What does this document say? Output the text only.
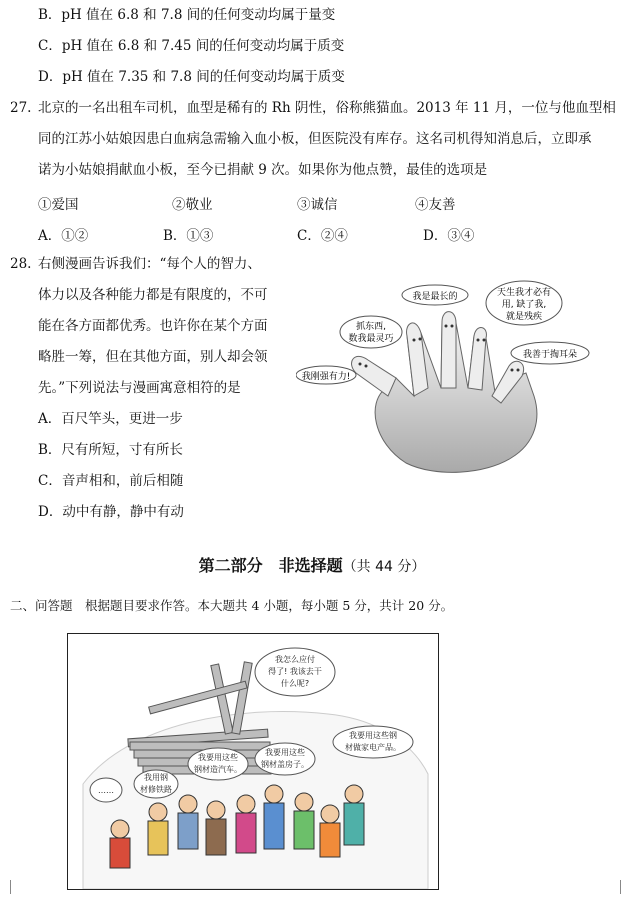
B．pH 值在 6.8 和 7.8 间的任何变动均属于量变
C．pH 值在 6.8 和 7.45 间的任何变动均属于质变
D．pH 值在 7.35 和 7.8 间的任何变动均属于质变
27. 北京的一名出租车司机，血型是稀有的 Rh 阴性，俗称熊猫血。2013 年 11 月，一位与他血型相
同的江苏小姑娘因患白血病急需输入血小板，但医院没有库存。这名司机得知消息后，立即承
诺为小姑娘捐献血小板，至今已捐献 9 次。如果你为他点赞，最佳的选项是
①爱国	②敬业	③诚信	④友善
A．①②	B．①③	C．②④	D．③④
28. 右侧漫画告诉我们：“每个人的智力、
体力以及各种能力都是有限度的，不可
能在各方面都优秀。也许你在某个方面
略胜一筹，但在其他方面，别人却会领
先。”下列说法与漫画寓意相符的是
A．百尺竿头，更进一步
B．尺有所短，寸有所长
C．音声相和，前后相随
D．动中有静，静中有动
我刚强有力!
抓东西,
数我最灵巧
我是最长的	天生我才必有
用, 缺了我,
就是残疾
我善于掏耳朵
第二部分　非选择题（共 44 分）
二、问答题　根据题目要求作答。本大题共 4 小题，每小题 5 分，共计 20 分。
我怎么应付
得了! 我该去干
什么呢?
我要用这些钢
材做家电产品。
我要用这些
钢材盖房子。
我要用这些
钢材造汽车。
我用钢
材修铁路
……
